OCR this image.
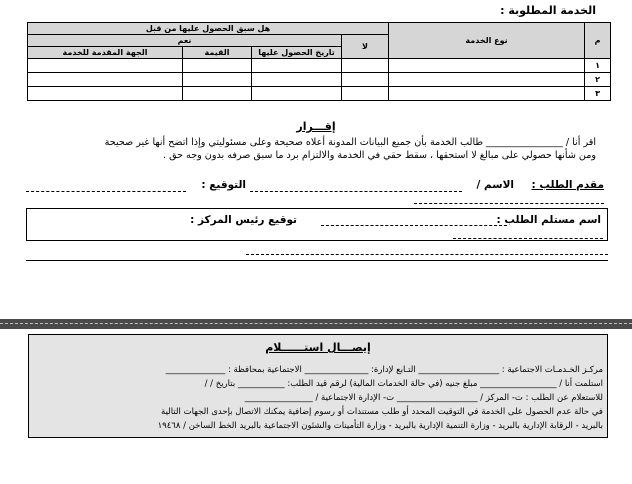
الخدمة المطلوبة :
م	نوع الخدمة	هل سبق الحصول عليها من قبل			
		لا	نعم		
			تاريخ الحصول عليها	القيمة	الجهة المقدمة للخدمة
١					
٢					
٣					
إقـــرار
اقر أنا / ________________ طالب الخدمة بأن جميع البيانات المدونة أعلاه صحيحة وعلى مسئوليتي وإذا اتضح أنها غير صحيحة
ومن شأنها حصولي على مبالغ لا استحقها ، سقط حقي في الخدمة والالتزام برد ما سبق صرفه بدون وجه حق .
مقدم الطلب :
الاسم /
التوقيع :
اسم مستلم الطلب :
توقيع رئيس المركز :
إيصـــال استــــــلام
مركـز الخـدمـات الاجتماعية : ___________________ التـابع لإدارة: _______________ الاجتماعية بمحافظة : ______________
استلمت أنا / __________________ مبلغ جنيه (في حالة الخدمات المالية) لرقم قيد الطلب: ___________ بتاريخ / /
للاستعلام عن الطلب : ت- المركز / ___________________ ت- الإدارة الاجتماعية / ________________
في حالة عدم الحصول على الخدمة في التوقيت المحدد أو طلب مستندات أو رسوم إضافية يمكنك الاتصال بإحدى الجهات التالية
بالبريد - الرقابة الإدارية بالبريد - وزارة التنمية الإدارية بالبريد - وزارة التأمينات والشئون الاجتماعية بالبريد الخط الساخن / ١٩٤٦٨
